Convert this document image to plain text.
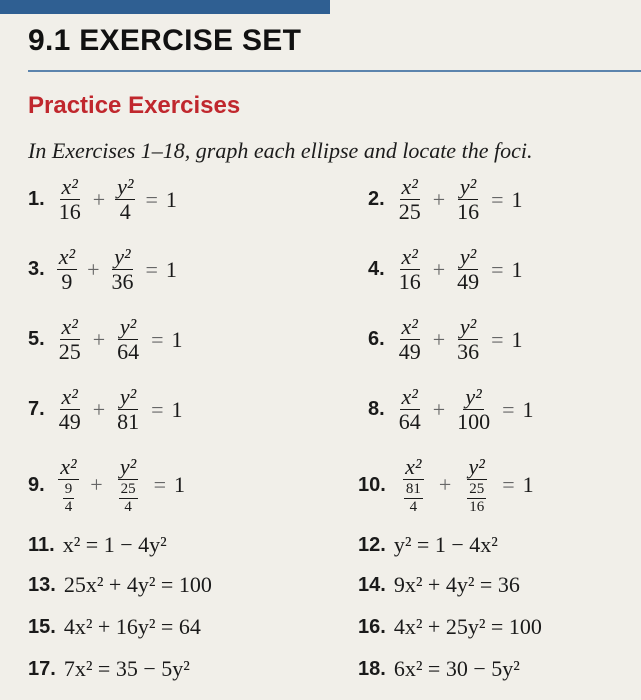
9.1 EXERCISE SET
Practice Exercises
In Exercises 1–18, graph each ellipse and locate the foci.
1. $\frac{\text{x²}}{16} + \frac{\text{y²}}{4} = 1$	2. $\frac{\text{x²}}{25} + \frac{\text{y²}}{16} = 1$
3. $\frac{\text{x²}}{9} + \frac{\text{y²}}{36} = 1$	4. $\frac{\text{x²}}{16} + \frac{\text{y²}}{49} = 1$
5. $\frac{\text{x²}}{25} + \frac{\text{y²}}{64} = 1$	6. $\frac{\text{x²}}{49} + \frac{\text{y²}}{36} = 1$
7. $\frac{\text{x²}}{49} + \frac{\text{y²}}{81} = 1$	8. $\frac{\text{x²}}{64} + \frac{\text{y²}}{100} = 1$
9. $\frac{\text{x²}}{\frac{9}{4}} + \frac{\text{y²}}{\frac{25}{4}} = 1$	10. $\frac{\text{x²}}{\frac{81}{4}} + \frac{\text{y²}}{\frac{25}{16}} = 1$
11. x² = 1 − 4y²	12. y² = 1 − 4x²
13. 25x² + 4y² = 100	14. 9x² + 4y² = 36
15. 4x² + 16y² = 64	16. 4x² + 25y² = 100
17. 7x² = 35 − 5y²	18. 6x² = 30 − 5y²
